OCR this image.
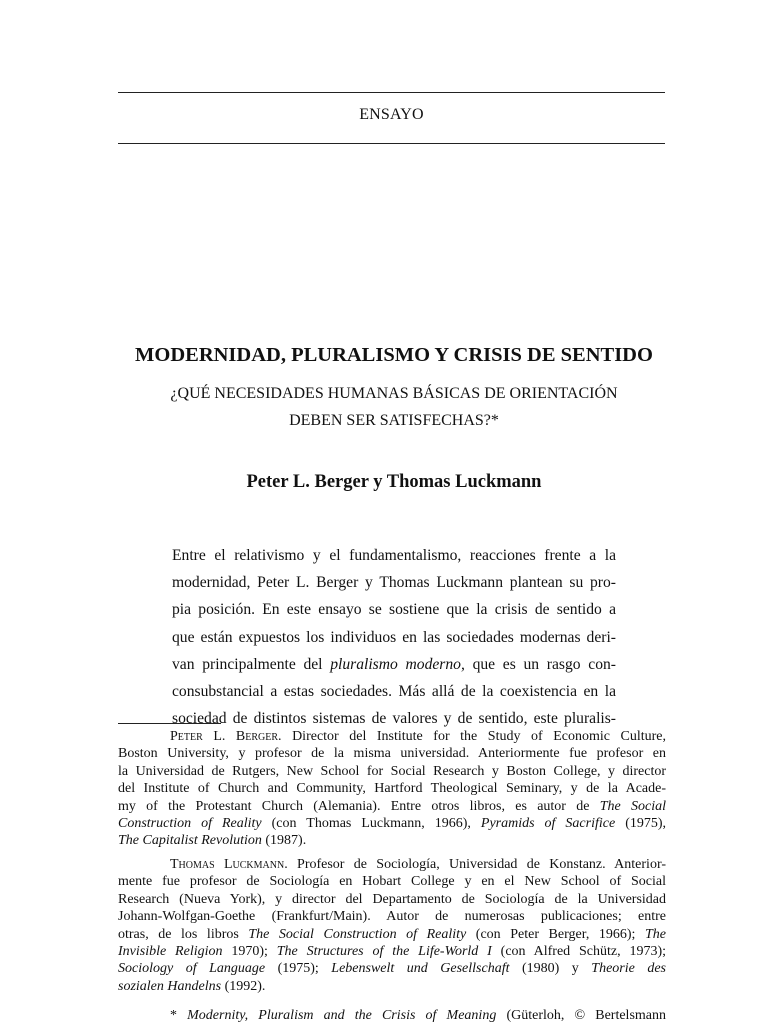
ENSAYO
MODERNIDAD, PLURALISMO Y CRISIS DE SENTIDO
¿QUÉ NECESIDADES HUMANAS BÁSICAS DE ORIENTACIÓN
DEBEN SER SATISFECHAS?*
Peter L. Berger y Thomas Luckmann
Entre el relativismo y el fundamentalismo, reacciones frente a la
modernidad, Peter L. Berger y Thomas Luckmann plantean su pro-
pia posición. En este ensayo se sostiene que la crisis de sentido a
que están expuestos los individuos en las sociedades modernas deri-
van principalmente del pluralismo moderno, que es un rasgo con-
consubstancial a estas sociedades. Más allá de la coexistencia en la
sociedad de distintos sistemas de valores y de sentido, este pluralis-
Peter L. Berger. Director del Institute for the Study of Economic Culture,
Boston University, y profesor de la misma universidad. Anteriormente fue profesor en
la Universidad de Rutgers, New School for Social Research y Boston College, y director
del Institute of Church and Community, Hartford Theological Seminary, y de la Acade-
my of the Protestant Church (Alemania). Entre otros libros, es autor de The Social
Construction of Reality (con Thomas Luckmann, 1966), Pyramids of Sacrifice (1975),
The Capitalist Revolution (1987).
Thomas Luckmann. Profesor de Sociología, Universidad de Konstanz. Anterior-
mente fue profesor de Sociología en Hobart College y en el New School of Social
Research (Nueva York), y director del Departamento de Sociología de la Universidad
Johann-Wolfgan-Goethe (Frankfurt/Main). Autor de numerosas publicaciones; entre
otras, de los libros The Social Construction of Reality (con Peter Berger, 1966); The
Invisible Religion 1970); The Structures of the Life-World I (con Alfred Schütz, 1973);
Sociology of Language (1975); Lebenswelt und Gesellschaft (1980) y Theorie des
sozialen Handelns (1992).
* Modernity, Pluralism and the Crisis of Meaning (Güterloh, © Bertelsmann
